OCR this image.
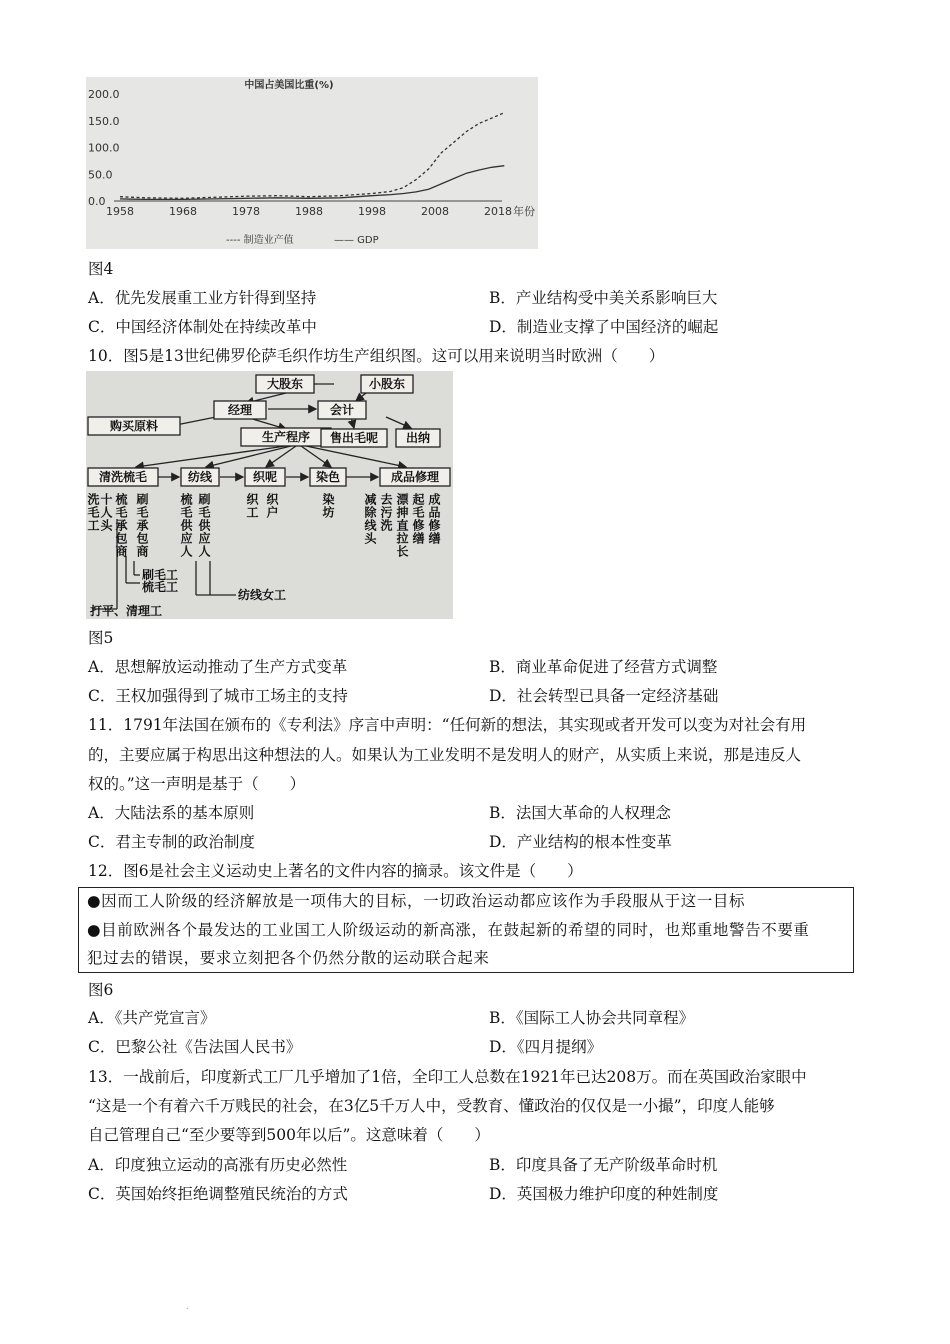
中国占美国比重(%)
0.0
50.0
100.0
150.0
200.0
1958	1968	1978	1988	1998	2008	2018 年份
---- 制造业产值	—— GDP
图4
A．优先发展重工业方针得到坚持	B．产业结构受中美关系影响巨大
C．中国经济体制处在持续改革中	D．制造业支撑了中国经济的崛起
10．图5是13世纪佛罗伦萨毛织作坊生产组织图。这可以用来说明当时欧洲（　　）
大股东	小股东
经理	会计
购买原料
生产程序 售出毛呢 出纳
清洗梳毛	纺线	织呢	染色	成品修理
洗毛工 十人头 梳毛承包商 刷毛承包商	梳毛供应人 刷毛供应人	织工 织户	染坊 减除线头 去污洗 漂抻直拉长 起毛修缮 成品修缮
刷毛工
梳毛工
打平、清理工
纺线女工
图5
A．思想解放运动推动了生产方式变革	B．商业革命促进了经营方式调整
C．王权加强得到了城市工场主的支持	D．社会转型已具备一定经济基础
11．1791年法国在颁布的《专利法》序言中声明：“任何新的想法，其实现或者开发可以变为对社会有用
的，主要应属于构思出这种想法的人。如果认为工业发明不是发明人的财产，从实质上来说，那是违反人
权的。”这一声明是基于（　　）
A．大陆法系的基本原则	B．法国大革命的人权理念
C．君主专制的政治制度	D．产业结构的根本性变革
12．图6是社会主义运动史上著名的文件内容的摘录。该文件是（　　）
●因而工人阶级的经济解放是一项伟大的目标，一切政治运动都应该作为手段服从于这一目标
●目前欧洲各个最发达的工业国工人阶级运动的新高涨，在鼓起新的希望的同时，也郑重地警告不要重
犯过去的错误，要求立刻把各个仍然分散的运动联合起来
图6
A．《共产党宣言》	B．《国际工人协会共同章程》
C．巴黎公社《告法国人民书》	D．《四月提纲》
13．一战前后，印度新式工厂几乎增加了1倍，全印工人总数在1921年已达208万。而在英国政治家眼中
“这是一个有着六千万贱民的社会，在3亿5千万人中，受教育、懂政治的仅仅是一小撮”，印度人能够
自己管理自己“至少要等到500年以后”。这意味着（　　）
A．印度独立运动的高涨有历史必然性	B．印度具备了无产阶级革命时机
C．英国始终拒绝调整殖民统治的方式	D．英国极力维护印度的种姓制度
.
